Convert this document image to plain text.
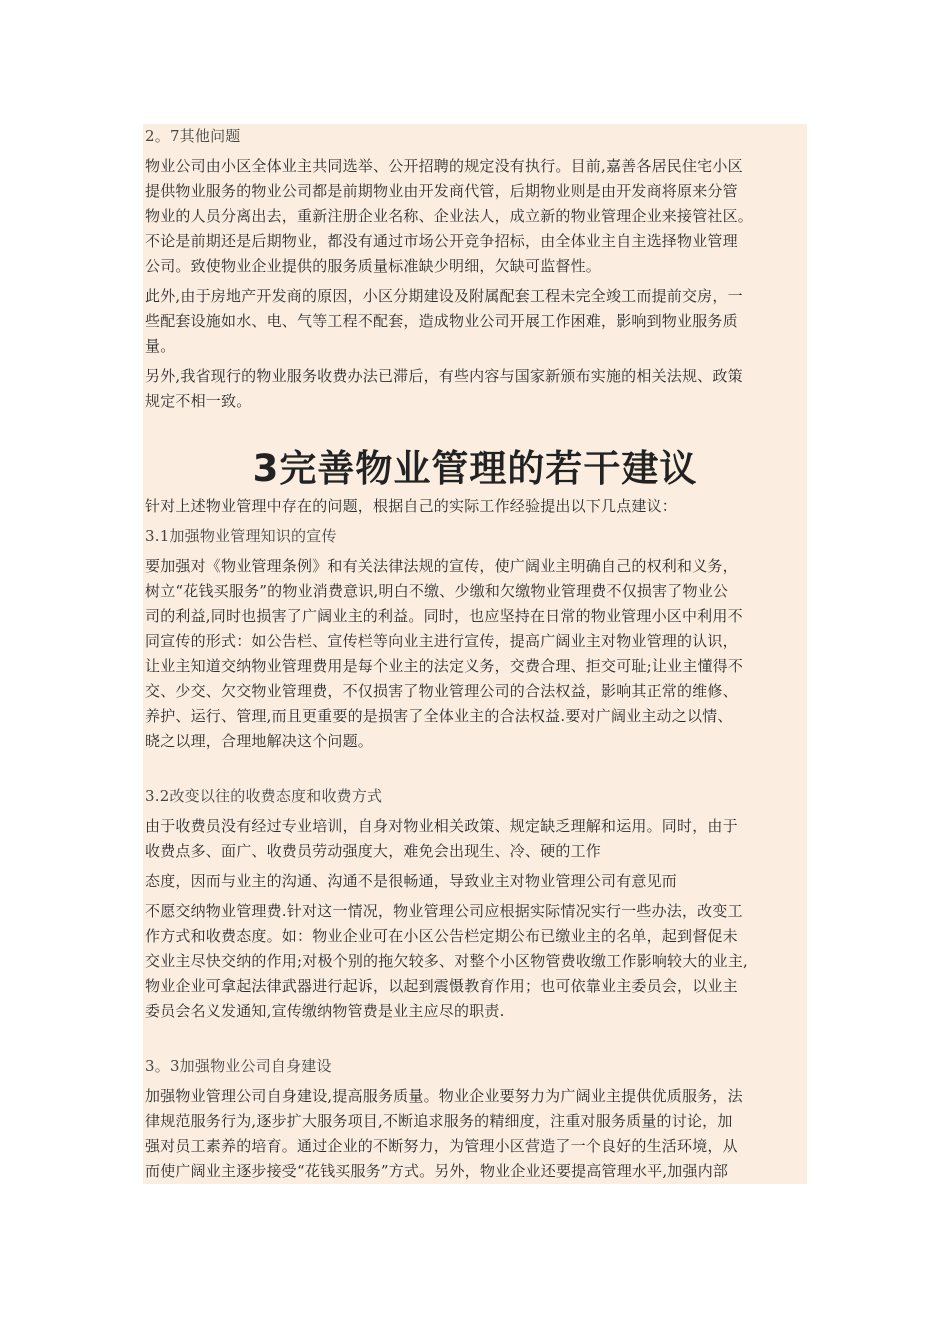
2。7其他问题

物业公司由小区全体业主共同选举、公开招聘的规定没有执行。目前,嘉善各居民住宅小区

提供物业服务的物业公司都是前期物业由开发商代管，后期物业则是由开发商将原来分管

物业的人员分离出去，重新注册企业名称、企业法人，成立新的物业管理企业来接管社区。

不论是前期还是后期物业，都没有通过市场公开竞争招标，由全体业主自主选择物业管理

公司。致使物业企业提供的服务质量标准缺少明细，欠缺可监督性。

此外,由于房地产开发商的原因，小区分期建设及附属配套工程未完全竣工而提前交房，一

些配套设施如水、电、气等工程不配套，造成物业公司开展工作困难，影响到物业服务质

量。

另外,我省现行的物业服务收费办法已滞后，有些内容与国家新颁布实施的相关法规、政策

规定不相一致。

3完善物业管理的若干建议

针对上述物业管理中存在的问题，根据自己的实际工作经验提出以下几点建议：

3.1加强物业管理知识的宣传

要加强对《物业管理条例》和有关法律法规的宣传，使广阔业主明确自己的权利和义务，

树立“花钱买服务”的物业消费意识,明白不缴、少缴和欠缴物业管理费不仅损害了物业公

司的利益,同时也损害了广阔业主的利益。同时，也应坚持在日常的物业管理小区中利用不

同宣传的形式：如公告栏、宣传栏等向业主进行宣传，提高广阔业主对物业管理的认识，

让业主知道交纳物业管理费用是每个业主的法定义务，交费合理、拒交可耻;让业主懂得不

交、少交、欠交物业管理费，不仅损害了物业管理公司的合法权益，影响其正常的维修、

养护、运行、管理,而且更重要的是损害了全体业主的合法权益.要对广阔业主动之以情、

晓之以理，合理地解决这个问题。

3.2改变以往的收费态度和收费方式

由于收费员没有经过专业培训，自身对物业相关政策、规定缺乏理解和运用。同时，由于

收费点多、面广、收费员劳动强度大，难免会出现生、冷、硬的工作

态度，因而与业主的沟通、沟通不是很畅通，导致业主对物业管理公司有意见而

不愿交纳物业管理费.针对这一情况，物业管理公司应根据实际情况实行一些办法，改变工

作方式和收费态度。如：物业企业可在小区公告栏定期公布已缴业主的名单，起到督促未

交业主尽快交纳的作用;对极个别的拖欠较多、对整个小区物管费收缴工作影响较大的业主,

物业企业可拿起法律武器进行起诉，以起到震慑教育作用；也可依靠业主委员会，以业主

委员会名义发通知,宣传缴纳物管费是业主应尽的职责.

3。3加强物业公司自身建设

加强物业管理公司自身建设,提高服务质量。物业企业要努力为广阔业主提供优质服务，法

律规范服务行为,逐步扩大服务项目,不断追求服务的精细度，注重对服务质量的讨论，加

强对员工素养的培育。通过企业的不断努力，为管理小区营造了一个良好的生活环境，从

而使广阔业主逐步接受“花钱买服务”方式。另外，物业企业还要提高管理水平,加强内部
